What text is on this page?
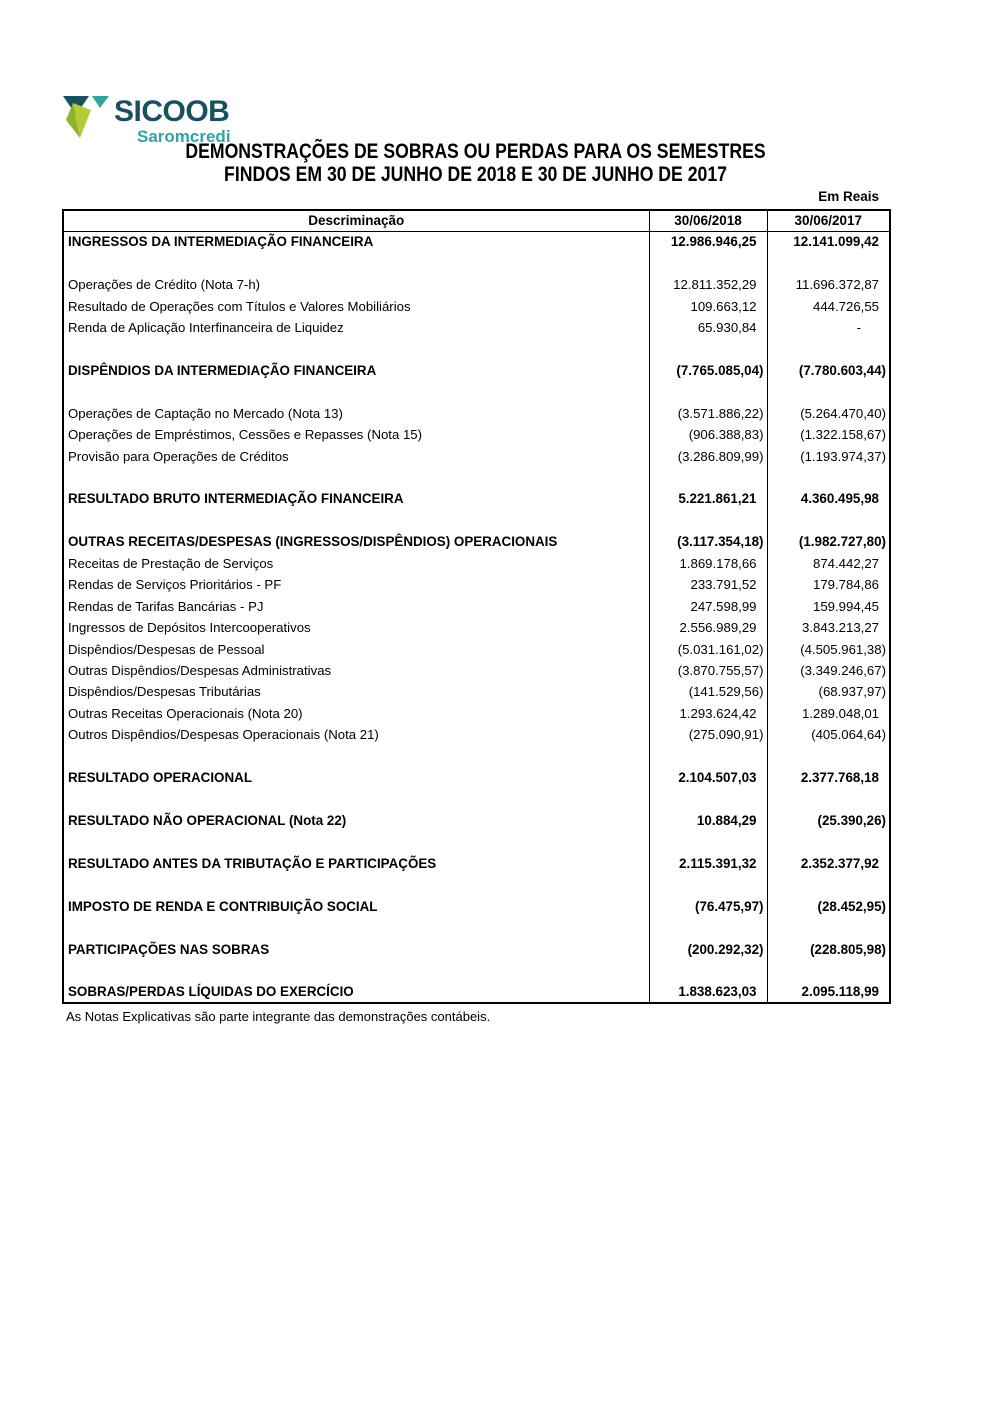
SICOOB
Saromcredi
DEMONSTRAÇÕES DE SOBRAS OU PERDAS PARA OS SEMESTRES
FINDOS EM 30 DE JUNHO DE 2018 E 30 DE JUNHO DE 2017
Em Reais
Descriminação	30/06/2018	30/06/2017
INGRESSOS DA INTERMEDIAÇÃO FINANCEIRA	12.986.946,25	12.141.099,42

Operações de Crédito (Nota 7-h)	12.811.352,29	11.696.372,87
Resultado de Operações com Títulos e Valores Mobiliários	109.663,12	444.726,55
Renda de Aplicação Interfinanceira de Liquidez	65.930,84	-

DISPÊNDIOS DA INTERMEDIAÇÃO FINANCEIRA	(7.765.085,04)	(7.780.603,44)

Operações de Captação no Mercado (Nota 13)	(3.571.886,22)	(5.264.470,40)
Operações de Empréstimos, Cessões e Repasses (Nota 15)	(906.388,83)	(1.322.158,67)
Provisão para Operações de Créditos	(3.286.809,99)	(1.193.974,37)

RESULTADO BRUTO INTERMEDIAÇÃO FINANCEIRA	5.221.861,21	4.360.495,98

OUTRAS RECEITAS/DESPESAS (INGRESSOS/DISPÊNDIOS) OPERACIONAIS	(3.117.354,18)	(1.982.727,80)
Receitas de Prestação de Serviços	1.869.178,66	874.442,27
Rendas de Serviços Prioritários - PF	233.791,52	179.784,86
Rendas de Tarifas Bancárias - PJ	247.598,99	159.994,45
Ingressos de Depósitos Intercooperativos	2.556.989,29	3.843.213,27
Dispêndios/Despesas de Pessoal	(5.031.161,02)	(4.505.961,38)
Outras Dispêndios/Despesas Administrativas	(3.870.755,57)	(3.349.246,67)
Dispêndios/Despesas Tributárias	(141.529,56)	(68.937,97)
Outras Receitas Operacionais (Nota 20)	1.293.624,42	1.289.048,01
Outros Dispêndios/Despesas Operacionais (Nota 21)	(275.090,91)	(405.064,64)

RESULTADO OPERACIONAL	2.104.507,03	2.377.768,18

RESULTADO NÃO OPERACIONAL (Nota 22)	10.884,29	(25.390,26)

RESULTADO ANTES DA TRIBUTAÇÃO E PARTICIPAÇÕES	2.115.391,32	2.352.377,92

IMPOSTO DE RENDA E CONTRIBUIÇÃO SOCIAL	(76.475,97)	(28.452,95)

PARTICIPAÇÕES NAS SOBRAS	(200.292,32)	(228.805,98)

SOBRAS/PERDAS LÍQUIDAS DO EXERCÍCIO	1.838.623,03	2.095.118,99
As Notas Explicativas são parte integrante das demonstrações contábeis.
